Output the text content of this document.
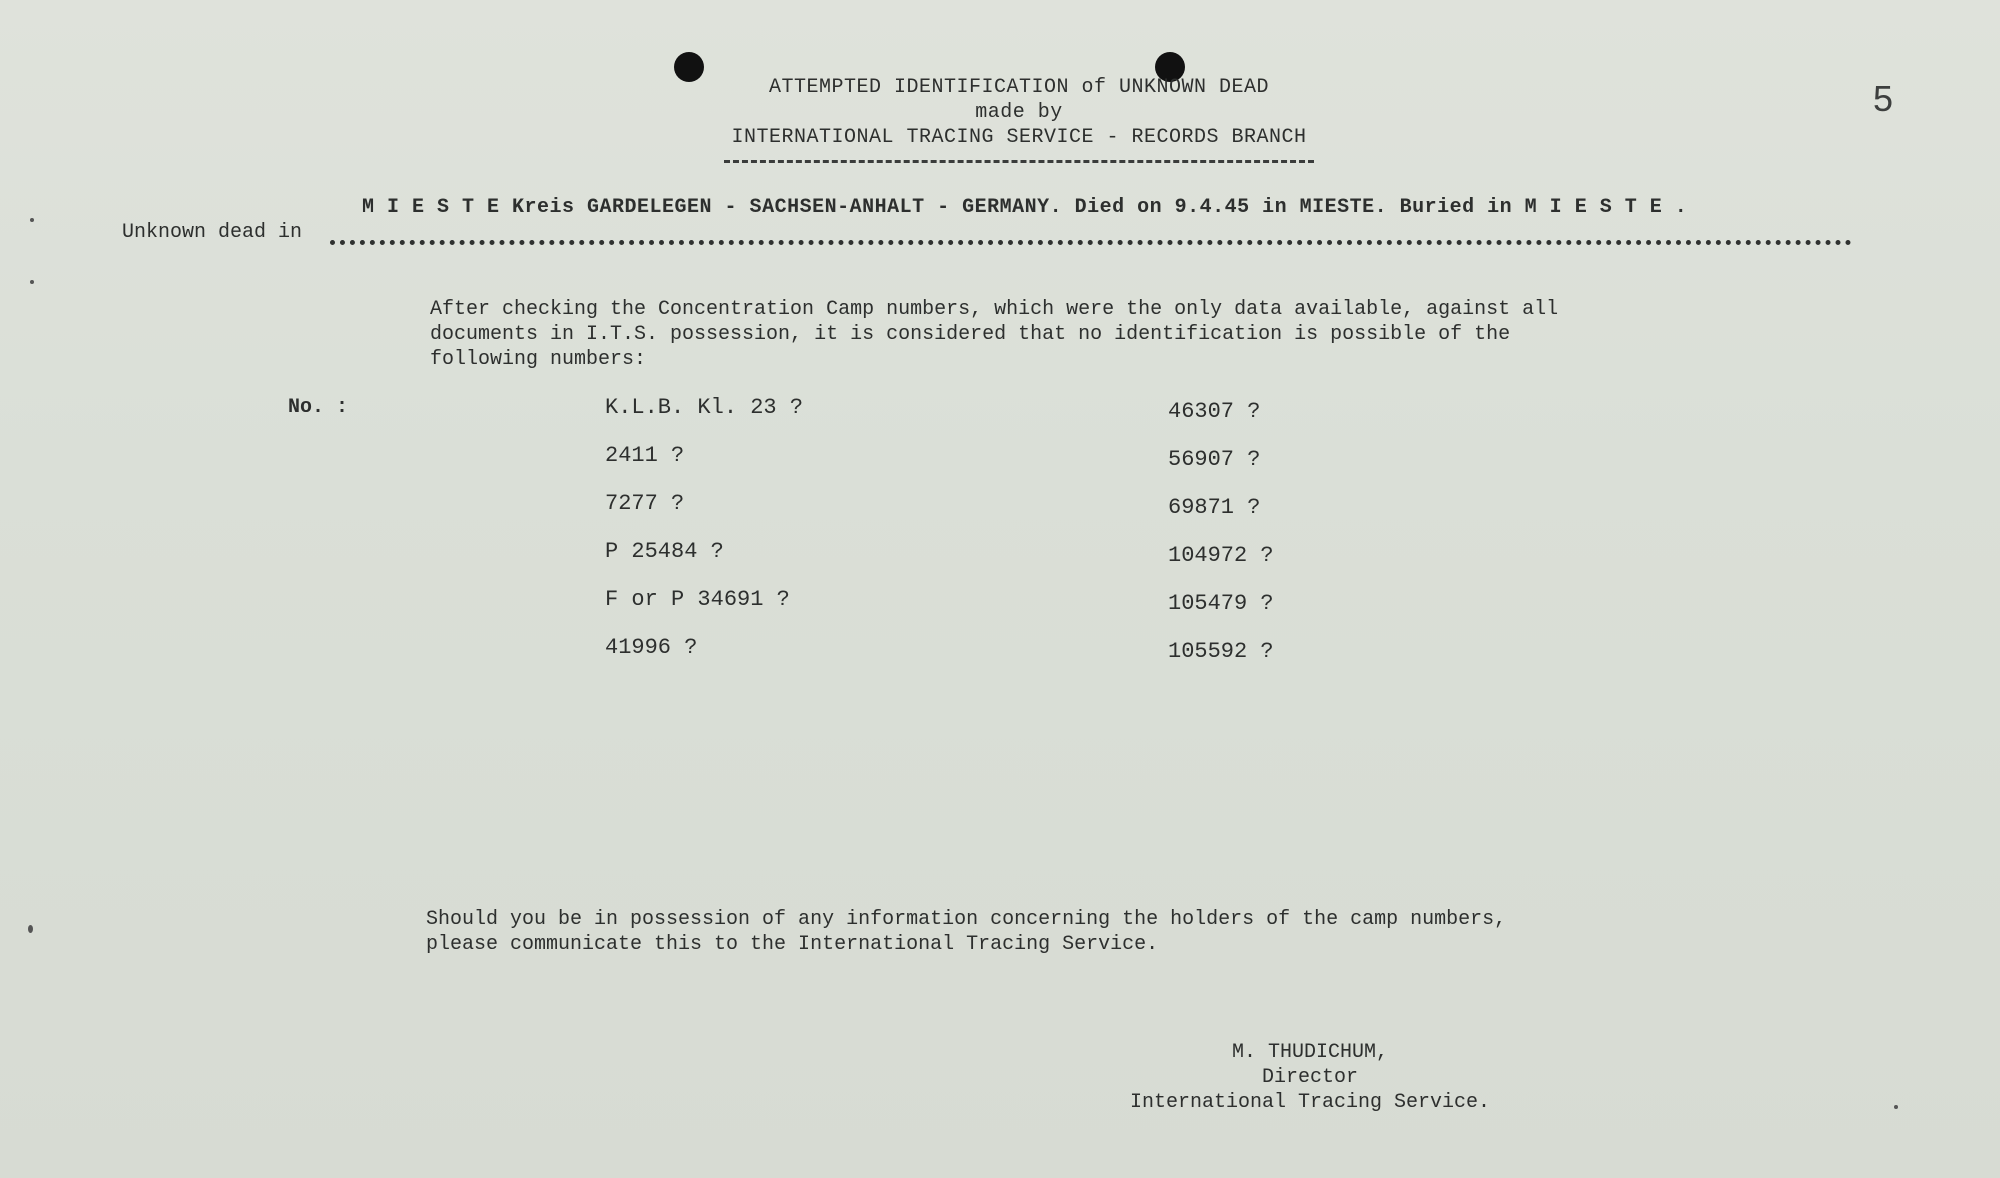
ATTEMPTED IDENTIFICATION of UNKNOWN DEAD
made by
INTERNATIONAL TRACING SERVICE - RECORDS BRANCH
5
M I E S T E Kreis GARDELEGEN - SACHSEN-ANHALT - GERMANY. Died on 9.4.45 in MIESTE. Buried in M I E S T E .
Unknown dead in
After checking the Concentration Camp numbers, which were the only data available, against all
documents in I.T.S. possession, it is considered that no identification is possible of the
following numbers:
No. :	K.L.B. Kl. 23 ?
2411 ?
7277 ?
P 25484 ?
F or P 34691 ?
41996 ?
46307 ?
56907 ?
69871 ?
104972 ?
105479 ?
105592 ?
Should you be in possession of any information concerning the holders of the camp numbers,
please communicate this to the International Tracing Service.
M. THUDICHUM,
Director
International Tracing Service.
